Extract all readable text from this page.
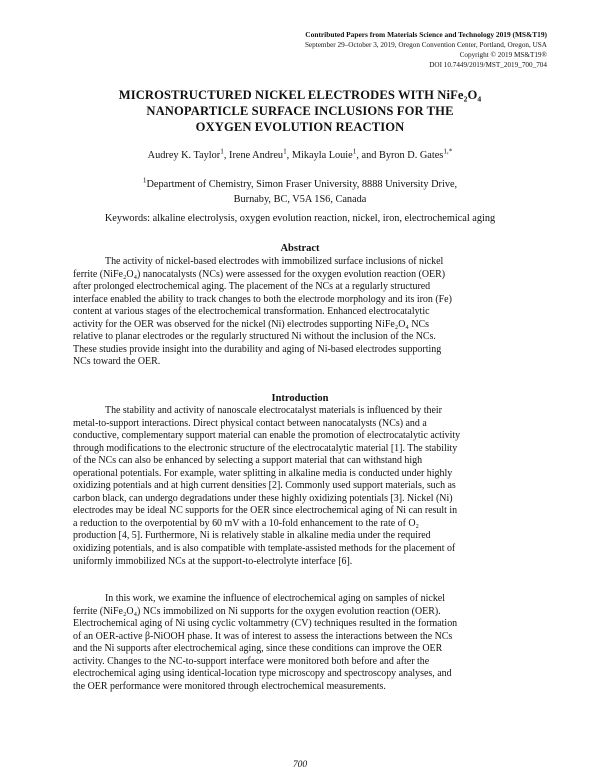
Contributed Papers from Materials Science and Technology 2019 (MS&T19)
September 29–October 3, 2019, Oregon Convention Center, Portland, Oregon, USA
Copyright © 2019 MS&T19®
DOI 10.7449/2019/MST_2019_700_704
MICROSTRUCTURED NICKEL ELECTRODES WITH NiFe₂O₄
NANOPARTICLE SURFACE INCLUSIONS FOR THE
OXYGEN EVOLUTION REACTION
Audrey K. Taylor$^1$, Irene Andreu$^1$, Mikayla Louie$^1$, and Byron D. Gates$^{1,*}$
$^1$Department of Chemistry, Simon Fraser University, 8888 University Drive,
Burnaby, BC, V5A 1S6, Canada
Keywords: alkaline electrolysis, oxygen evolution reaction, nickel, iron, electrochemical aging
Abstract
The activity of nickel-based electrodes with immobilized surface inclusions of nickel
ferrite (NiFe₂O₄) nanocatalysts (NCs) were assessed for the oxygen evolution reaction (OER)
after prolonged electrochemical aging. The placement of the NCs at a regularly structured
interface enabled the ability to track changes to both the electrode morphology and its iron (Fe)
content at various stages of the electrochemical transformation. Enhanced electrocatalytic
activity for the OER was observed for the nickel (Ni) electrodes supporting NiFe₂O₄ NCs
relative to planar electrodes or the regularly structured Ni without the inclusion of the NCs.
These studies provide insight into the durability and aging of Ni-based electrodes supporting
NCs toward the OER.
Introduction
The stability and activity of nanoscale electrocatalyst materials is influenced by their
metal-to-support interactions. Direct physical contact between nanocatalysts (NCs) and a
conductive, complementary support material can enable the promotion of electrocatalytic activity
through modifications to the electronic structure of the electrocatalytic material [1]. The stability
of the NCs can also be enhanced by selecting a support material that can withstand high
operational potentials. For example, water splitting in alkaline media is conducted under highly
oxidizing potentials and at high current densities [2]. Commonly used support materials, such as
carbon black, can undergo degradations under these highly oxidizing potentials [3]. Nickel (Ni)
electrodes may be ideal NC supports for the OER since electrochemical aging of Ni can result in
a reduction to the overpotential by 60 mV with a 10-fold enhancement to the rate of O₂
production [4, 5]. Furthermore, Ni is relatively stable in alkaline media under the required
oxidizing potentials, and is also compatible with template-assisted methods for the placement of
uniformly immobilized NCs at the support-to-electrolyte interface [6].
In this work, we examine the influence of electrochemical aging on samples of nickel
ferrite (NiFe₂O₄) NCs immobilized on Ni supports for the oxygen evolution reaction (OER).
Electrochemical aging of Ni using cyclic voltammetry (CV) techniques resulted in the formation
of an OER-active β-NiOOH phase. It was of interest to assess the interactions between the NCs
and the Ni supports after electrochemical aging, since these conditions can improve the OER
activity. Changes to the NC-to-support interface were monitored both before and after the
electrochemical aging using identical-location type microscopy and spectroscopy analyses, and
the OER performance were monitored through electrochemical measurements.
700
